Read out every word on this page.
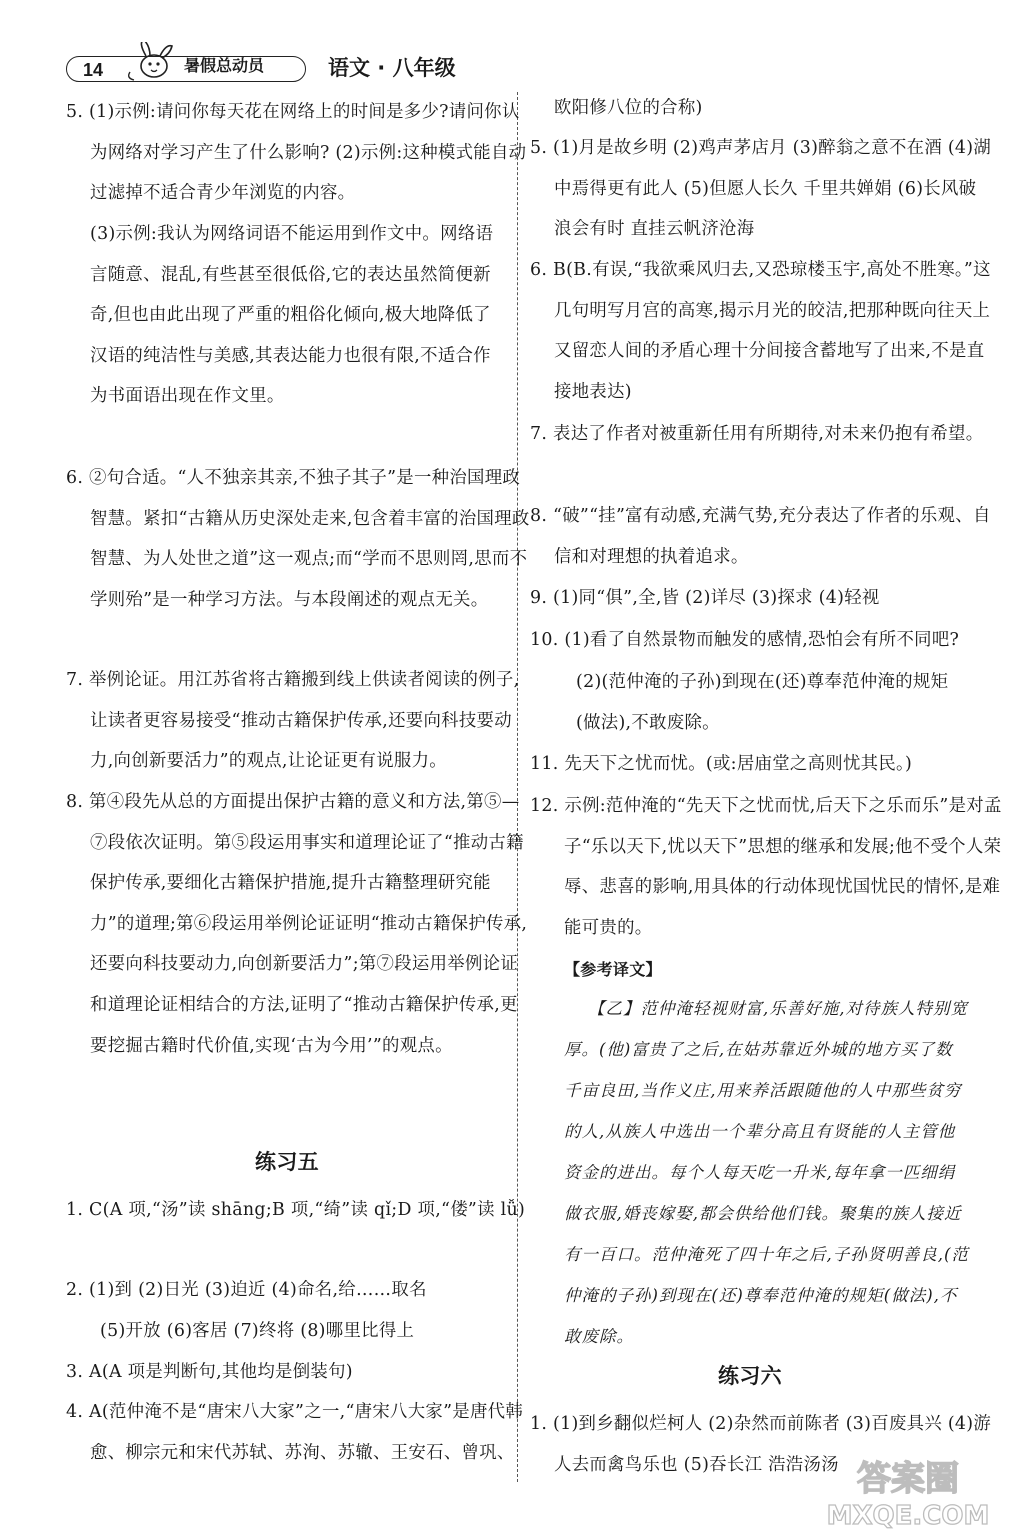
14	暑假总动员	语文 · 八年级
5. (1)示例:请问你每天花在网络上的时间是多少?请问你认为网络对学习产生了什么影响? (2)示例:这种模式能自动过滤掉不适合青少年浏览的内容。
(3)示例:我认为网络词语不能运用到作文中。网络语言随意、混乱,有些甚至很低俗,它的表达虽然简便新奇,但也由此出现了严重的粗俗化倾向,极大地降低了汉语的纯洁性与美感,其表达能力也很有限,不适合作为书面语出现在作文里。
6. ②句合适。“人不独亲其亲,不独子其子”是一种治国理政智慧。紧扣“古籍从历史深处走来,包含着丰富的治国理政智慧、为人处世之道”这一观点;而“学而不思则罔,思而不学则殆”是一种学习方法。与本段阐述的观点无关。
7. 举例论证。用江苏省将古籍搬到线上供读者阅读的例子,让读者更容易接受“推动古籍保护传承,还要向科技要动力,向创新要活力”的观点,让论证更有说服力。
8. 第④段先从总的方面提出保护古籍的意义和方法,第⑤—⑦段依次证明。第⑤段运用事实和道理论证了“推动古籍保护传承,要细化古籍保护措施,提升古籍整理研究能力”的道理;第⑥段运用举例论证证明“推动古籍保护传承,还要向科技要动力,向创新要活力”;第⑦段运用举例论证和道理论证相结合的方法,证明了“推动古籍保护传承,更要挖掘古籍时代价值,实现‘古为今用’”的观点。
练习五
1. C(A 项,“汤”读 shāng;B 项,“绮”读 qǐ;D 项,“偻”读 lǚ)
2. (1)到 (2)日光 (3)迫近 (4)命名,给……取名
(5)开放 (6)客居 (7)终将 (8)哪里比得上
3. A(A 项是判断句,其他均是倒装句)
4. A(范仲淹不是“唐宋八大家”之一,“唐宋八大家”是唐代韩愈、柳宗元和宋代苏轼、苏洵、苏辙、王安石、曾巩、
欧阳修八位的合称)
5. (1)月是故乡明 (2)鸡声茅店月 (3)醉翁之意不在酒 (4)湖中焉得更有此人 (5)但愿人长久 千里共婵娟 (6)长风破浪会有时 直挂云帆济沧海
6. B(B.有误,“我欲乘风归去,又恐琼楼玉宇,高处不胜寒。”这几句明写月宫的高寒,揭示月光的皎洁,把那种既向往天上又留恋人间的矛盾心理十分间接含蓄地写了出来,不是直接地表达)
7. 表达了作者对被重新任用有所期待,对未来仍抱有希望。
8. “破”“挂”富有动感,充满气势,充分表达了作者的乐观、自信和对理想的执着追求。
9. (1)同“俱”,全,皆 (2)详尽 (3)探求 (4)轻视
10. (1)看了自然景物而触发的感情,恐怕会有所不同吧?
(2)(范仲淹的子孙)到现在(还)尊奉范仲淹的规矩(做法),不敢废除。
11. 先天下之忧而忧。(或:居庙堂之高则忧其民。)
12. 示例:范仲淹的“先天下之忧而忧,后天下之乐而乐”是对孟子“乐以天下,忧以天下”思想的继承和发展;他不受个人荣辱、悲喜的影响,用具体的行动体现忧国忧民的情怀,是难能可贵的。
【参考译文】
【乙】范仲淹轻视财富,乐善好施,对待族人特别宽厚。(他)富贵了之后,在姑苏靠近外城的地方买了数千亩良田,当作义庄,用来养活跟随他的人中那些贫穷的人,从族人中选出一个辈分高且有贤能的人主管他资金的进出。每个人每天吃一升米,每年拿一匹细绢做衣服,婚丧嫁娶,都会供给他们钱。聚集的族人接近有一百口。范仲淹死了四十年之后,子孙贤明善良,(范仲淹的子孙)到现在(还)尊奉范仲淹的规矩(做法),不敢废除。
练习六
1. (1)到乡翻似烂柯人 (2)杂然而前陈者 (3)百废具兴 (4)游人去而禽鸟乐也 (5)吞长江 浩浩汤汤 答案圈
MXQE.COM
